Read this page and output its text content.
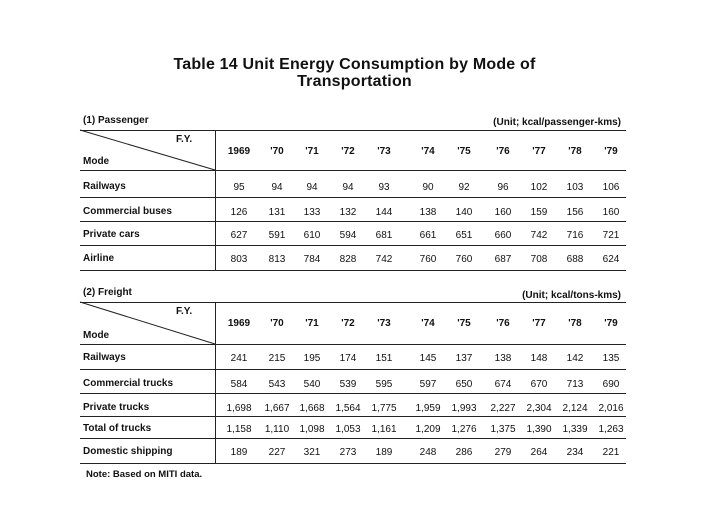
Table 14 Unit Energy Consumption by Mode of
Transportation
(1) Passenger	(Unit; kcal/passenger-kms)
(2) Freight	(Unit; kcal/tons-kms)
Note: Based on MITI data.
F.Y.
Mode
1969	'70	'71	'72	'73	'74	'75	'76	'77	'78	'79
Railways	95	94	94	94	93	90	92	96	102	103	106
Commercial buses	126	131	133	132	144	138	140	160	159	156	160
Private cars	627	591	610	594	681	661	651	660	742	716	721
Airline	803	813	784	828	742	760	760	687	708	688	624
F.Y.
Mode
1969	'70	'71	'72	'73	'74	'75	'76	'77	'78	'79
Railways	241	215	195	174	151	145	137	138	148	142	135
Commercial trucks	584	543	540	539	595	597	650	674	670	713	690
Private trucks	1,698	1,667 1,668	1,564	1,775	1,959	1,993	2,227	2,304	2,124	2,016
Total of trucks	1,158	1,110	1,098	1,053	1,161	1,209	1,276	1,375	1,390	1,339	1,263
Domestic shipping	189	227	321	273	189	248	286	279	264	234	221
